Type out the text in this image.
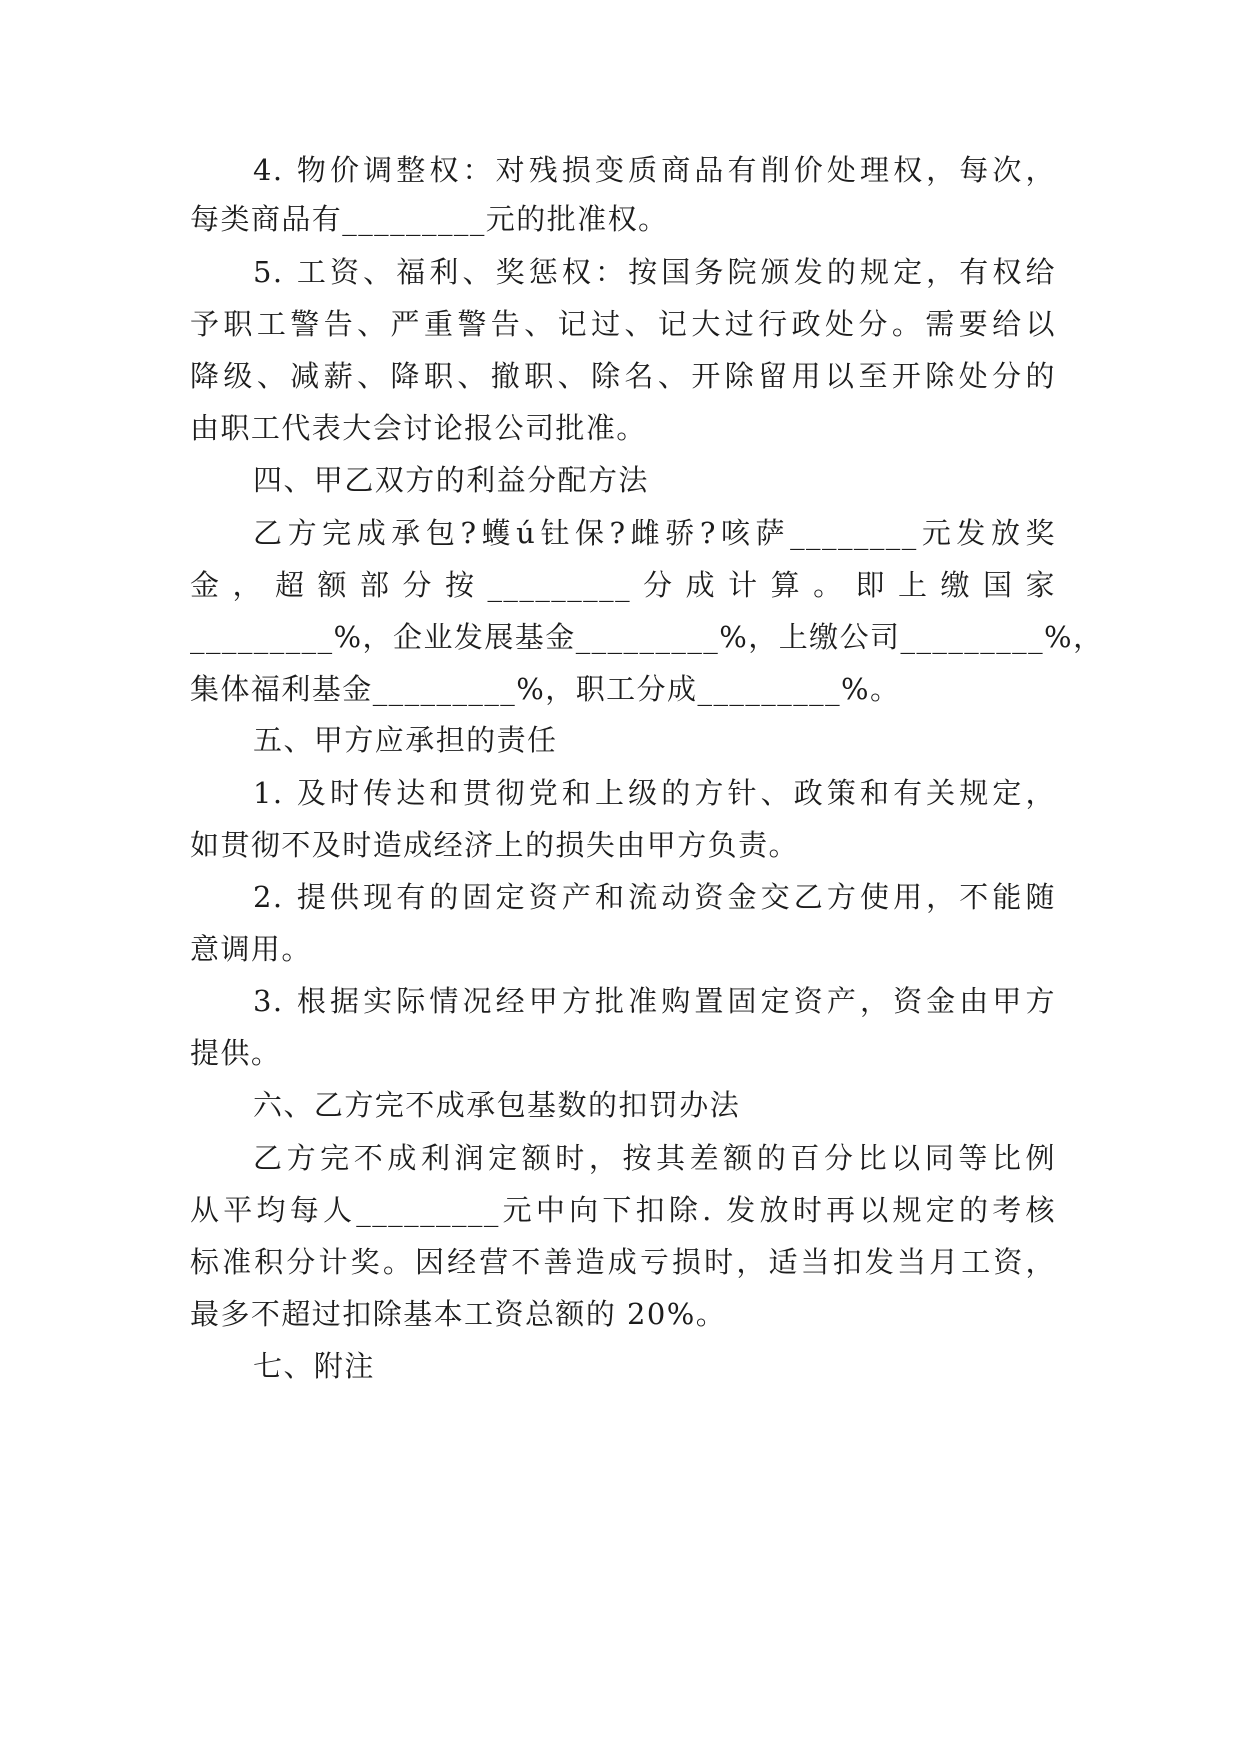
4. 物价调整权：对残损变质商品有削价处理权，每次，
每类商品有_________元的批准权。
5. 工资、福利、奖惩权：按国务院颁发的规定，有权给
予职工警告、严重警告、记过、记大过行政处分。需要给以
降级、减薪、降职、撤职、除名、开除留用以至开除处分的
由职工代表大会讨论报公司批准。
四、甲乙双方的利益分配方法
乙方完成承包?蠖ú钍保?雌骄?咳萨________元发放奖
金，超额部分按_________分成计算。即上缴国家
_________%，企业发展基金_________%，上缴公司_________%，
集体福利基金_________%，职工分成_________%。
五、甲方应承担的责任
1. 及时传达和贯彻党和上级的方针、政策和有关规定，
如贯彻不及时造成经济上的损失由甲方负责。
2. 提供现有的固定资产和流动资金交乙方使用，不能随
意调用。
3. 根据实际情况经甲方批准购置固定资产，资金由甲方
提供。
六、乙方完不成承包基数的扣罚办法
乙方完不成利润定额时，按其差额的百分比以同等比例
从平均每人_________元中向下扣除. 发放时再以规定的考核
标准积分计奖。因经营不善造成亏损时，适当扣发当月工资，
最多不超过扣除基本工资总额的 20%。
七、附注
